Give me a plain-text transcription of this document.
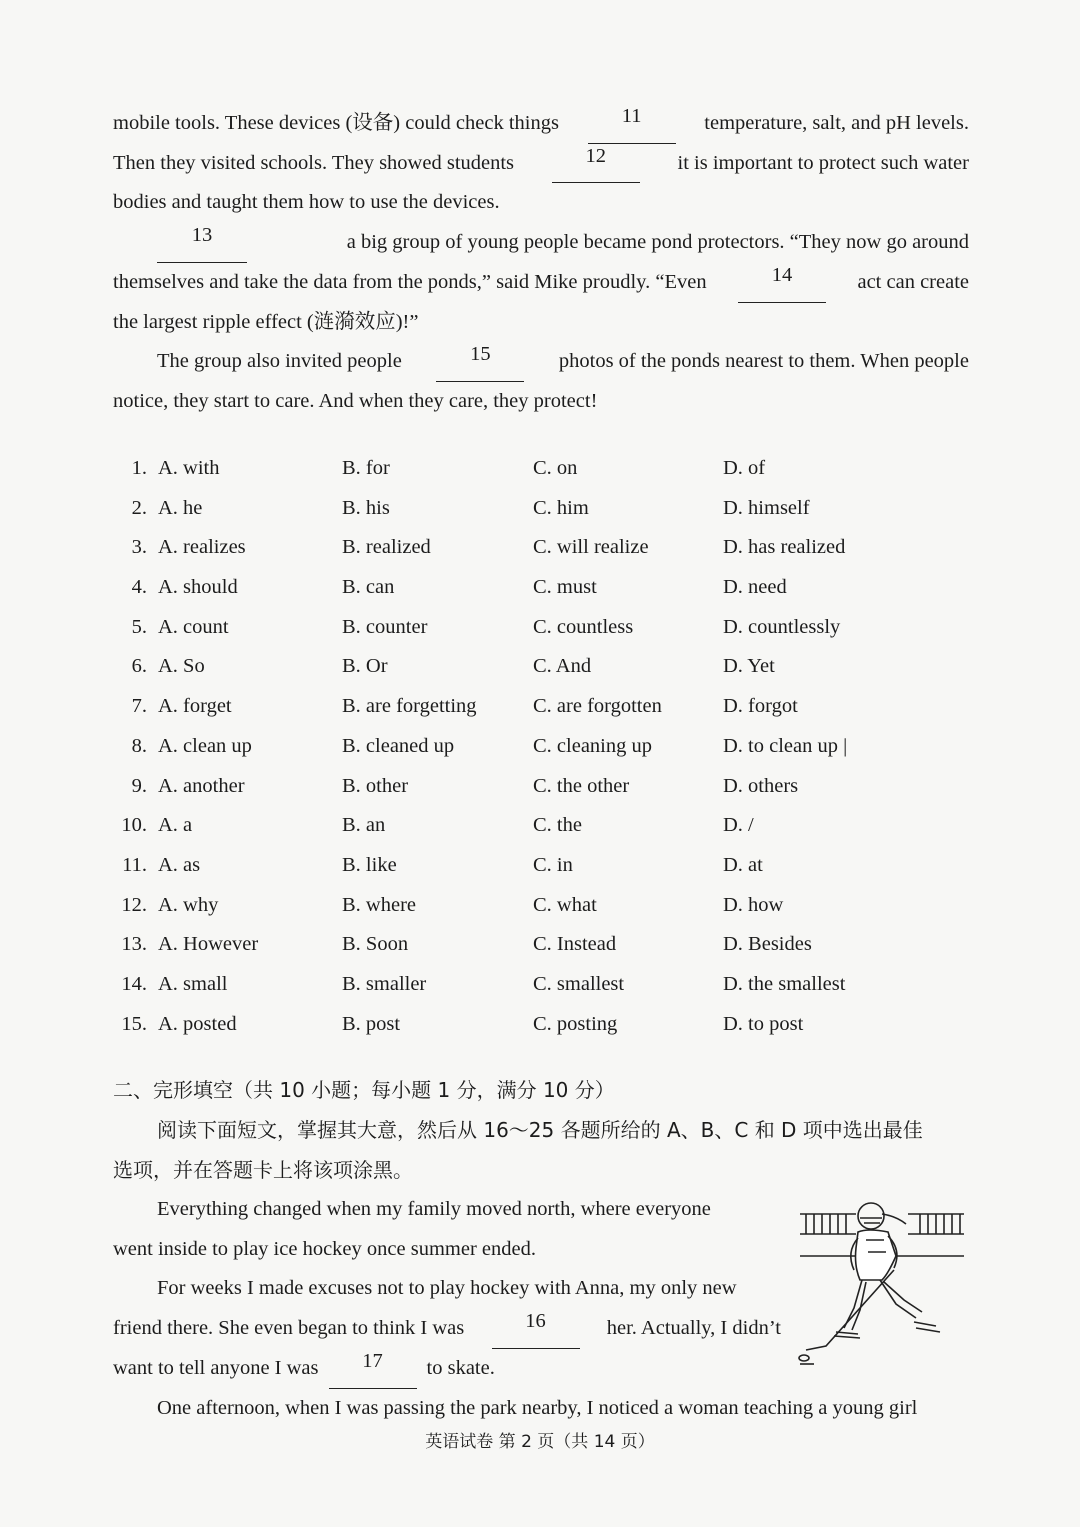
mobile tools. These devices (设备) could check things	11	temperature, salt, and pH levels.
Then they visited schools. They showed students	12	it is important to protect such water
bodies and taught them how to use the devices.
13	a big group of young people became pond protectors. “They now go around
themselves and take the data from the ponds,” said Mike proudly. “Even	14	act can create
the largest ripple effect (涟漪效应)!”
The group also invited people	15	photos of the ponds nearest to them. When people
notice, they start to care. And when they care, they protect!
1. A. with	B. for	C. on	D. of
2. A. he	B. his	C. him	D. himself
3. A. realizes	B. realized	C. will realize	D. has realized
4. A. should	B. can	C. must	D. need
5. A. count	B. counter	C. countless	D. countlessly
6. A. So	B. Or	C. And	D. Yet
7. A. forget	B. are forgetting	C. are forgotten	D. forgot
8. A. clean up	B. cleaned up	C. cleaning up	D. to clean up |
9. A. another	B. other	C. the other	D. others
10. A. a	B. an	C. the	D. /
11. A. as	B. like	C. in	D. at
12. A. why	B. where	C. what	D. how
13. A. However	B. Soon	C. Instead	D. Besides
14. A. small	B. smaller	C. smallest	D. the smallest
15. A. posted	B. post	C. posting	D. to post
二、完形填空（共 10 小题；每小题 1 分，满分 10 分）
阅读下面短文，掌握其大意，然后从 16～25 各题所给的 A、B、C 和 D 项中选出最佳
选项，并在答题卡上将该项涂黑。
Everything changed when my family moved north, where everyone
went inside to play ice hockey once summer ended.
For weeks I made excuses not to play hockey with Anna, my only new
friend there. She even began to think I was	16	her. Actually, I didn’t
want to tell anyone I was	17	to skate.
One afternoon, when I was passing the park nearby, I noticed a woman teaching a young girl
英语试卷 第 2 页（共 14 页）
